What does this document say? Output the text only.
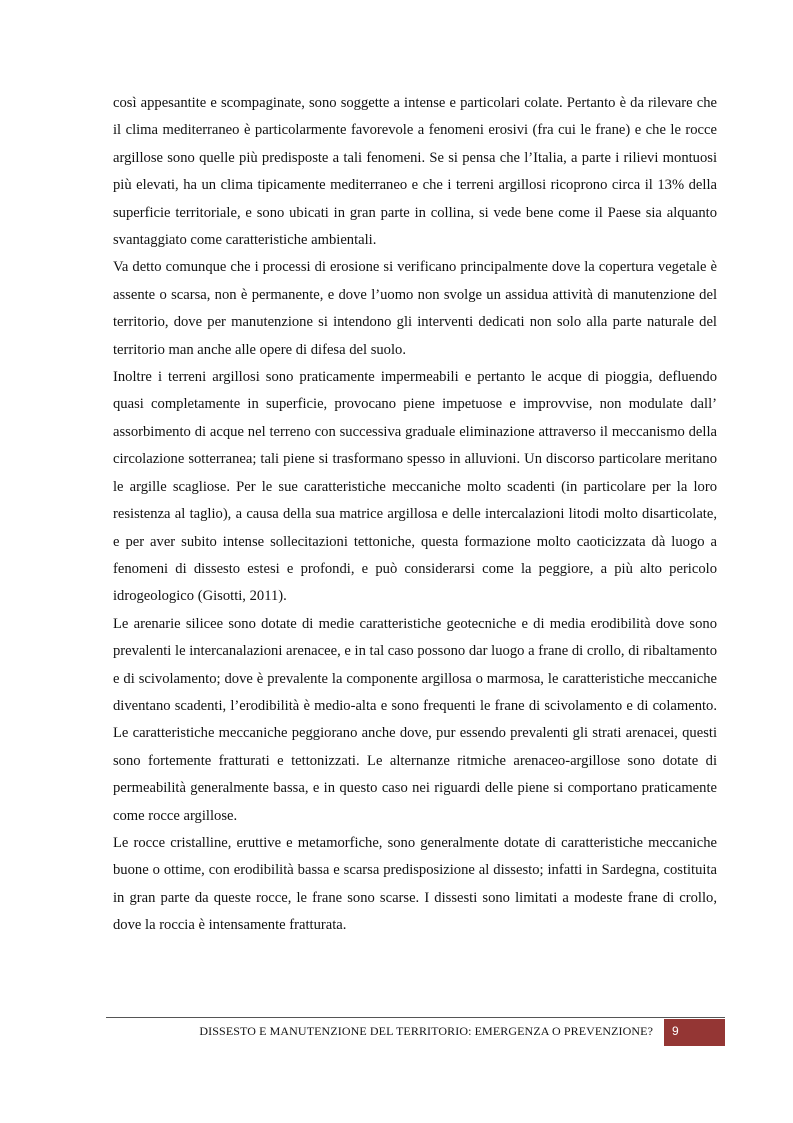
così appesantite e scompaginate, sono soggette a intense e particolari colate. Pertanto è da rilevare che il clima mediterraneo è particolarmente favorevole a fenomeni erosivi (fra cui le frane) e che le rocce argillose sono quelle più predisposte a tali fenomeni. Se si pensa che l’Italia, a parte i rilievi montuosi più elevati, ha un clima tipicamente mediterraneo e che i terreni argillosi ricoprono circa il 13% della superficie territoriale, e sono ubicati in gran parte in collina, si vede bene come il Paese sia alquanto svantaggiato come caratteristiche ambientali.

Va detto comunque che i processi di erosione si verificano principalmente dove la copertura vegetale è assente o scarsa, non è permanente, e dove l’uomo non svolge un assidua attività di manutenzione del territorio, dove per manutenzione si intendono gli interventi dedicati non solo alla parte naturale del territorio man anche alle opere di difesa del suolo.

Inoltre i terreni argillosi sono praticamente impermeabili e pertanto le acque di pioggia, defluendo quasi completamente in superficie, provocano piene impetuose e improvvise, non modulate dall’ assorbimento di acque nel terreno con successiva graduale eliminazione attraverso il meccanismo della circolazione sotterranea; tali piene si trasformano spesso in alluvioni. Un discorso particolare meritano le argille scagliose. Per le sue caratteristiche meccaniche molto scadenti (in particolare per la loro resistenza al taglio), a causa della sua matrice argillosa e delle intercalazioni litodi molto disarticolate, e per aver subito intense sollecitazioni tettoniche, questa formazione molto caoticizzata dà luogo a fenomeni di dissesto estesi e profondi, e può considerarsi come la peggiore, a più alto pericolo idrogeologico (Gisotti, 2011).

Le arenarie silicee sono dotate di medie caratteristiche geotecniche e di media erodibilità dove sono prevalenti le intercanalazioni arenacee, e in tal caso possono dar luogo a frane di crollo, di ribaltamento e di scivolamento; dove è prevalente la componente argillosa o marmosa, le caratteristiche meccaniche diventano scadenti, l’erodibilità è medio-alta e sono frequenti le frane di scivolamento e di colamento. Le caratteristiche meccaniche peggiorano anche dove, pur essendo prevalenti gli strati arenacei, questi sono fortemente fratturati e tettonizzati. Le alternanze ritmiche arenaceo-argillose sono dotate di permeabilità generalmente bassa, e in questo caso nei riguardi delle piene si comportano praticamente come rocce argillose.

Le rocce cristalline, eruttive e metamorfiche, sono generalmente dotate di caratteristiche meccaniche buone o ottime, con erodibilità bassa e scarsa predisposizione al dissesto; infatti in Sardegna, costituita in gran parte da queste rocce, le frane sono scarse. I dissesti sono limitati a modeste frane di crollo, dove la roccia è intensamente fratturata.

DISSESTO E MANUTENZIONE DEL TERRITORIO: EMERGENZA O PREVENZIONE? 9
